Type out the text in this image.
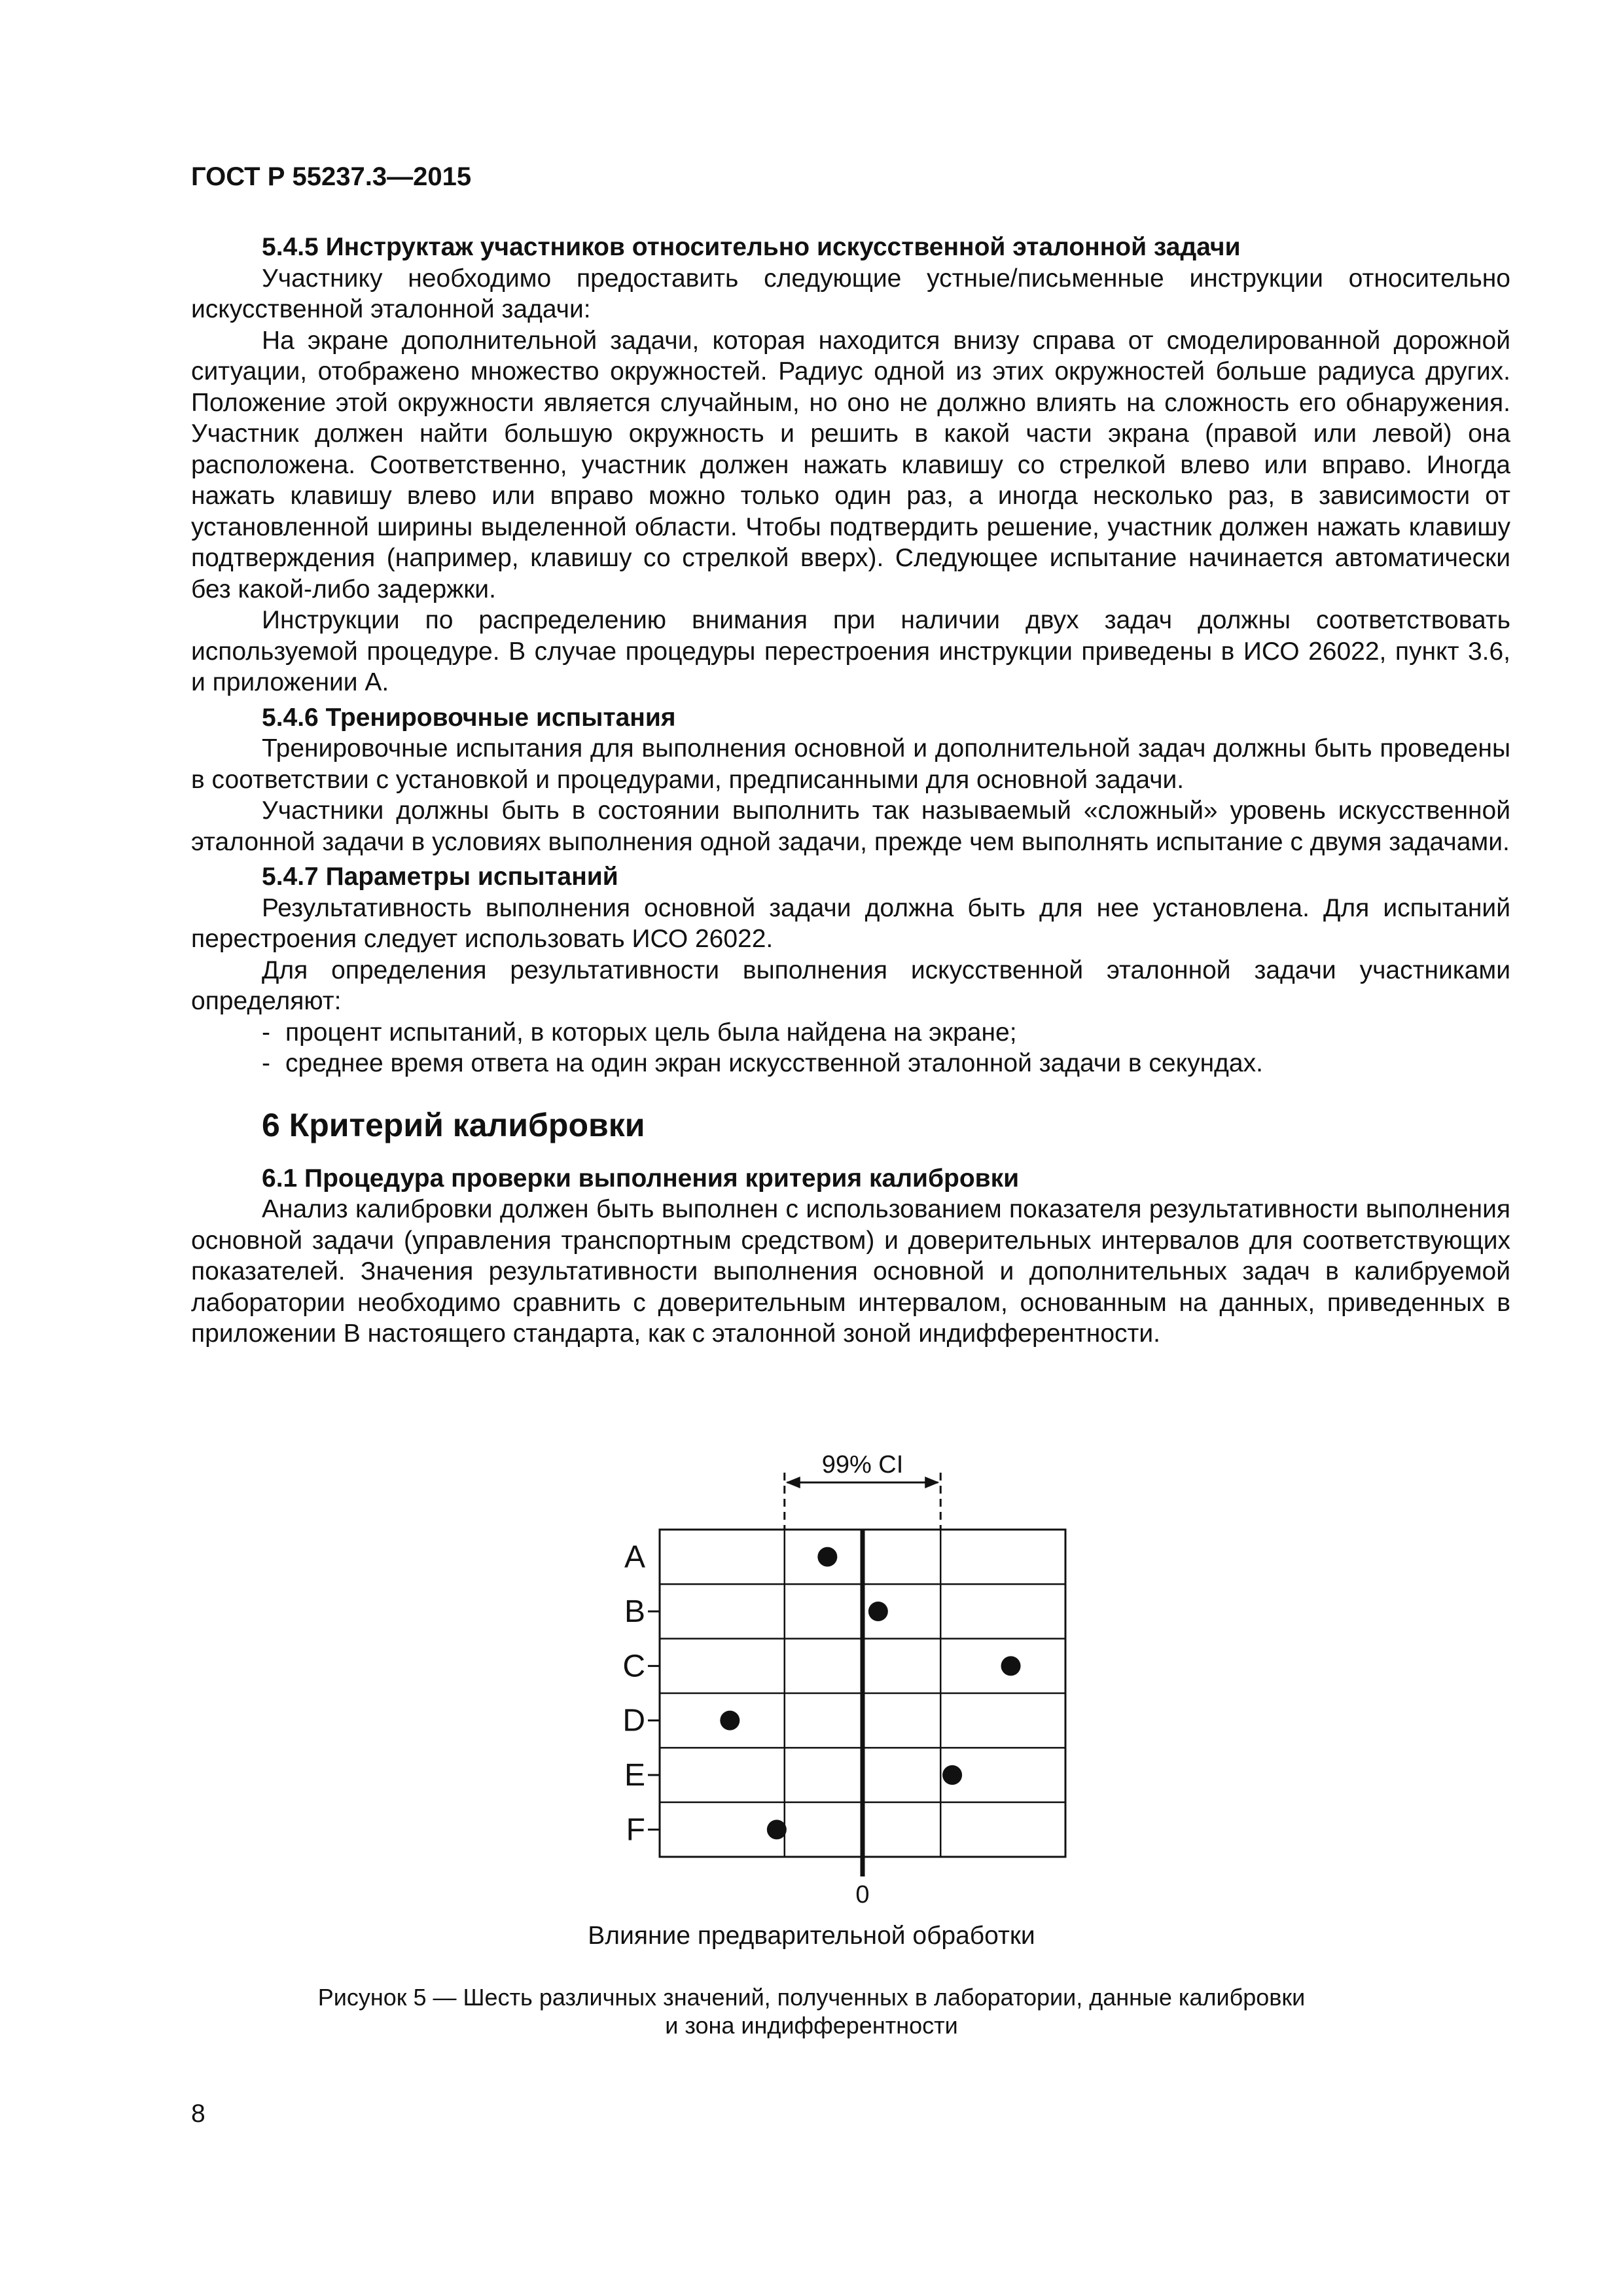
ГОСТ Р 55237.3—2015
5.4.5 Инструктаж участников относительно искусственной эталонной задачи

Участнику необходимо предоставить следующие устные/письменные инструкции относительно искусственной эталонной задачи:

На экране дополнительной задачи, которая находится внизу справа от смоделированной дорожной ситуации, отображено множество окружностей. Радиус одной из этих окружностей больше радиуса других. Положение этой окружности является случайным, но оно не должно влиять на сложность его обнаружения. Участник должен найти большую окружность и решить в какой части экрана (правой или левой) она расположена. Соответственно, участник должен нажать клавишу со стрелкой влево или вправо. Иногда нажать клавишу влево или вправо можно только один раз, а иногда несколько раз, в зависимости от установленной ширины выделенной области. Чтобы подтвердить решение, участник должен нажать клавишу подтверждения (например, клавишу со стрелкой вверх). Следующее испытание начинается автоматически без какой-либо задержки.

Инструкции по распределению внимания при наличии двух задач должны соответствовать используемой процедуре. В случае процедуры перестроения инструкции приведены в ИСО 26022, пункт 3.6, и приложении А.

5.4.6 Тренировочные испытания

Тренировочные испытания для выполнения основной и дополнительной задач должны быть проведены в соответствии с установкой и процедурами, предписанными для основной задачи.

Участники должны быть в состоянии выполнить так называемый «сложный» уровень искусственной эталонной задачи в условиях выполнения одной задачи, прежде чем выполнять испытание с двумя задачами.

5.4.7 Параметры испытаний

Результативность выполнения основной задачи должна быть для нее установлена. Для испытаний перестроения следует использовать ИСО 26022.

Для определения результативности выполнения искусственной эталонной задачи участниками определяют:

- процент испытаний, в которых цель была найдена на экране;
- среднее время ответа на один экран искусственной эталонной задачи в секундах.
6 Критерий калибровки
6.1 Процедура проверки выполнения критерия калибровки

Анализ калибровки должен быть выполнен с использованием показателя результативности выполнения основной задачи (управления транспортным средством) и доверительных интервалов для соответствующих показателей. Значения результативности выполнения основной и дополнительных задач в калибруемой лаборатории необходимо сравнить с доверительным интервалом, основанным на данных, приведенных в приложении В настоящего стандарта, как с эталонной зоной индифферентности.

99% CI
A
B
C
D
E
F
0
Влияние предварительной обработки
Рисунок 5 — Шесть различных значений, полученных в лаборатории, данные калибровки
и зона индифферентности
8
